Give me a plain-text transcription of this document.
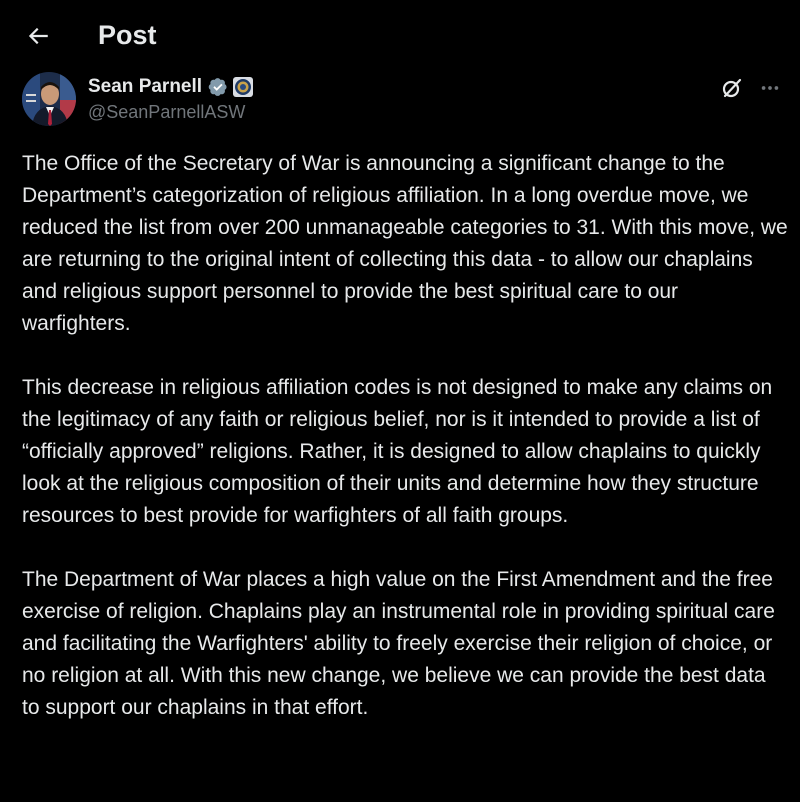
Post
Sean Parnell
@SeanParnellASW

The Office of the Secretary of War is announcing a significant change to the Department’s categorization of religious affiliation. In a long overdue move, we reduced the list from over 200 unmanageable categories to 31. With this move, we are returning to the original intent of collecting this data - to allow our chaplains and religious support personnel to provide the best spiritual care to our warfighters.

This decrease in religious affiliation codes is not designed to make any claims on the legitimacy of any faith or religious belief, nor is it intended to provide a list of “officially approved” religions. Rather, it is designed to allow chaplains to quickly look at the religious composition of their units and determine how they structure resources to best provide for warfighters of all faith groups.

The Department of War places a high value on the First Amendment and the free exercise of religion. Chaplains play an instrumental role in providing spiritual care and facilitating the Warfighters' ability to freely exercise their religion of choice, or no religion at all. With this new change, we believe we can provide the best data to support our chaplains in that effort.
